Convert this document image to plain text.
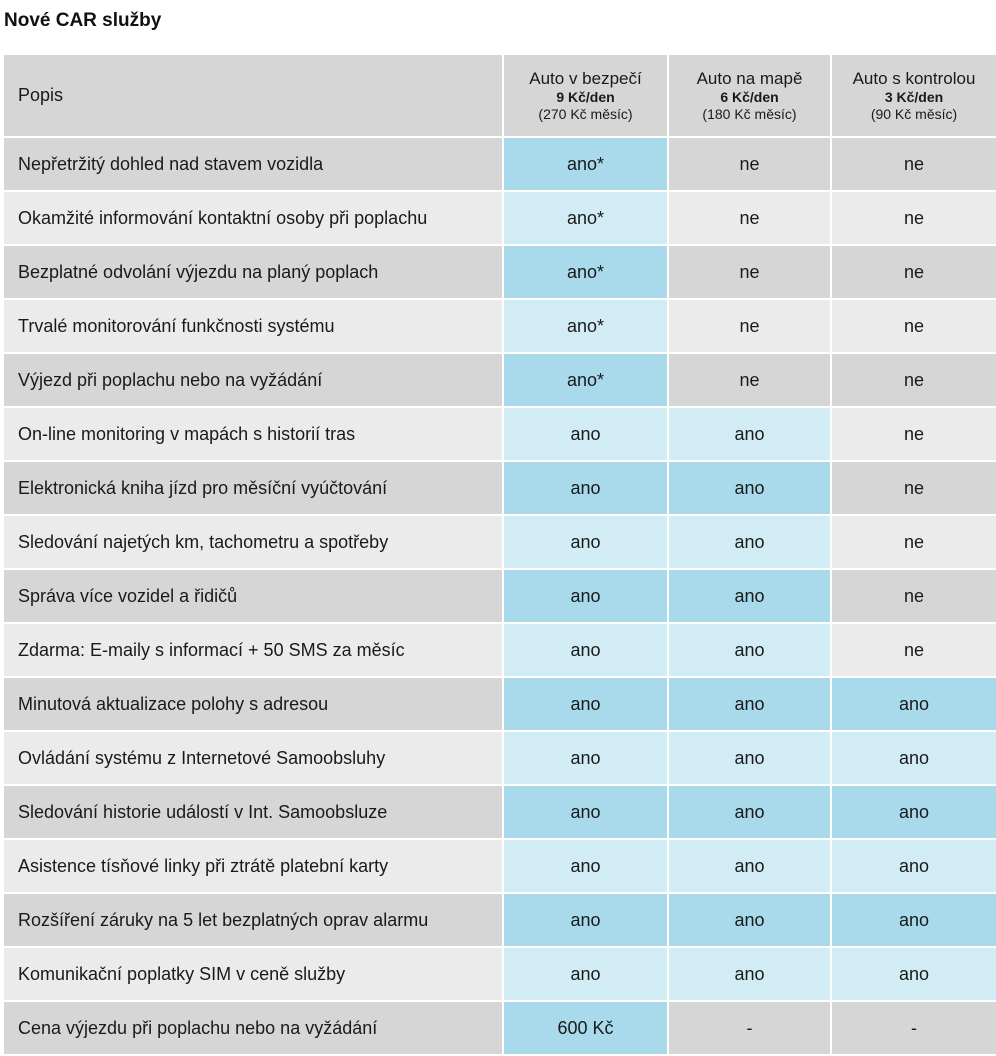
Nové CAR služby
Popis	Auto v bezpečí
9 Kč/den
(270 Kč měsíc)	Auto na mapě
6 Kč/den
(180 Kč měsíc)	Auto s kontrolou
3 Kč/den
(90 Kč měsíc)

Nepřetržitý dohled nad stavem vozidla	ano*	ne	ne
Okamžité informování kontaktní osoby při poplachu	ano*	ne	ne
Bezplatné odvolání výjezdu na planý poplach	ano*	ne	ne
Trvalé monitorování funkčnosti systému	ano*	ne	ne
Výjezd při poplachu nebo na vyžádání	ano*	ne	ne
On-line monitoring v mapách s historií tras	ano	ano	ne
Elektronická kniha jízd pro měsíční vyúčtování	ano	ano	ne
Sledování najetých km, tachometru a spotřeby	ano	ano	ne
Správa více vozidel a řidičů	ano	ano	ne
Zdarma: E-maily s informací + 50 SMS za měsíc	ano	ano	ne
Minutová aktualizace polohy s adresou	ano	ano	ano
Ovládání systému z Internetové Samoobsluhy	ano	ano	ano
Sledování historie událostí v Int. Samoobsluze	ano	ano	ano
Asistence tísňové linky při ztrátě platební karty	ano	ano	ano
Rozšíření záruky na 5 let bezplatných oprav alarmu	ano	ano	ano
Komunikační poplatky SIM v ceně služby	ano	ano	ano
Cena výjezdu při poplachu nebo na vyžádání	600 Kč	-	-
